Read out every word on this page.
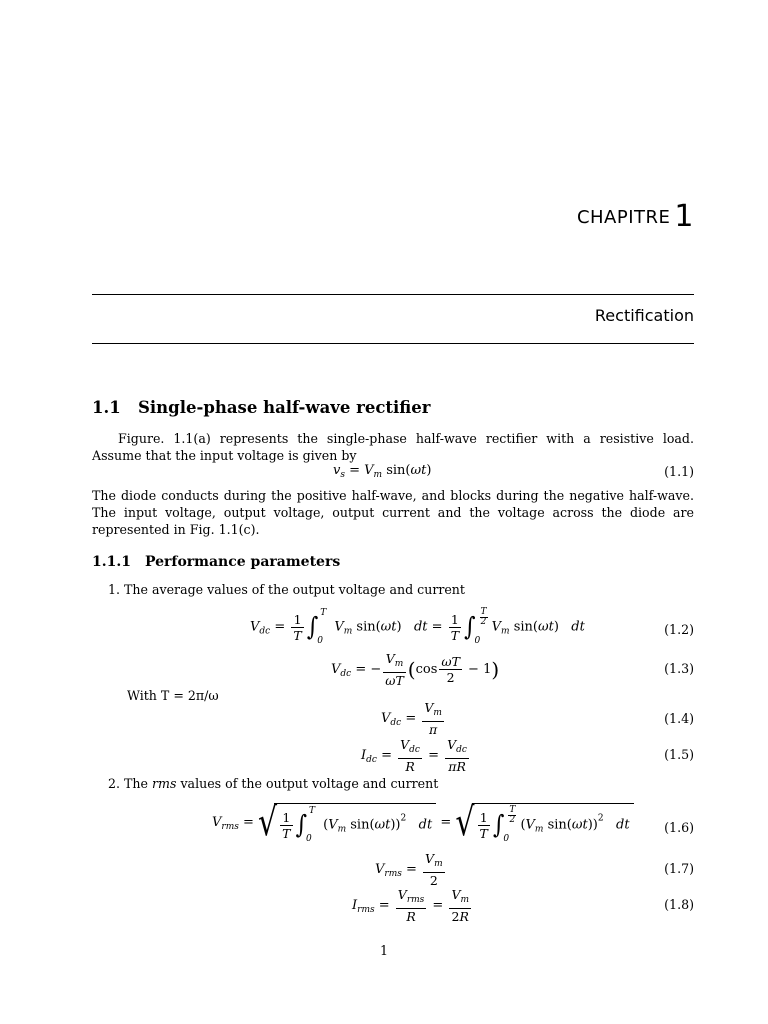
CHAPITRE 1
Rectification
1.1 Single-phase half-wave rectifier
Figure. 1.1(a) represents the single-phase half-wave rectifier with a resistive load. Assume that the input voltage is given by
$v_s = V_m$ sin(ωt)	(1.1)
The diode conducts during the positive half-wave, and blocks during the negative half-wave. The input voltage, output voltage, output current and the voltage across the diode are represented in Fig. 1.1(c).
1.1.1 Performance parameters
1. The average values of the output voltage and current
$V_{dc} = \frac{1}{T}$ ∫ T
0
$V_m$ sin(ωt)   dt = $\frac{1}{T}$ ∫ $\frac{T}{2}$
0
$V_m$ sin(ωt)   dt	(1.2)
$V_{dc}$ = − $\frac{V_m}{\omega T} (\cos \frac{\omega T}{2} - 1)$	(1.3)
With T = 2π/ω
$V_{dc} = \frac{V_m}{\pi}$	(1.4)
$I_{dc} = \frac{V_{dc}}{R} = \frac{V_{dc}}{\pi R}$	(1.5)
2. The rms values of the output voltage and current
$V_{rms}$ = √ $\frac{1}{T}$ ∫ T
0
($V_m$ sin(ωt))$^2$ dt = √ $\frac{1}{T}$ ∫ $\frac{T}{2}$
0
($V_m$ sin(ωt))$^2$ dt	(1.6)
$V_{rms} = \frac{V_m}{2}$	(1.7)
$I_{rms} = \frac{V_{rms}}{R} = \frac{V_m}{2R}$	(1.8)
1
